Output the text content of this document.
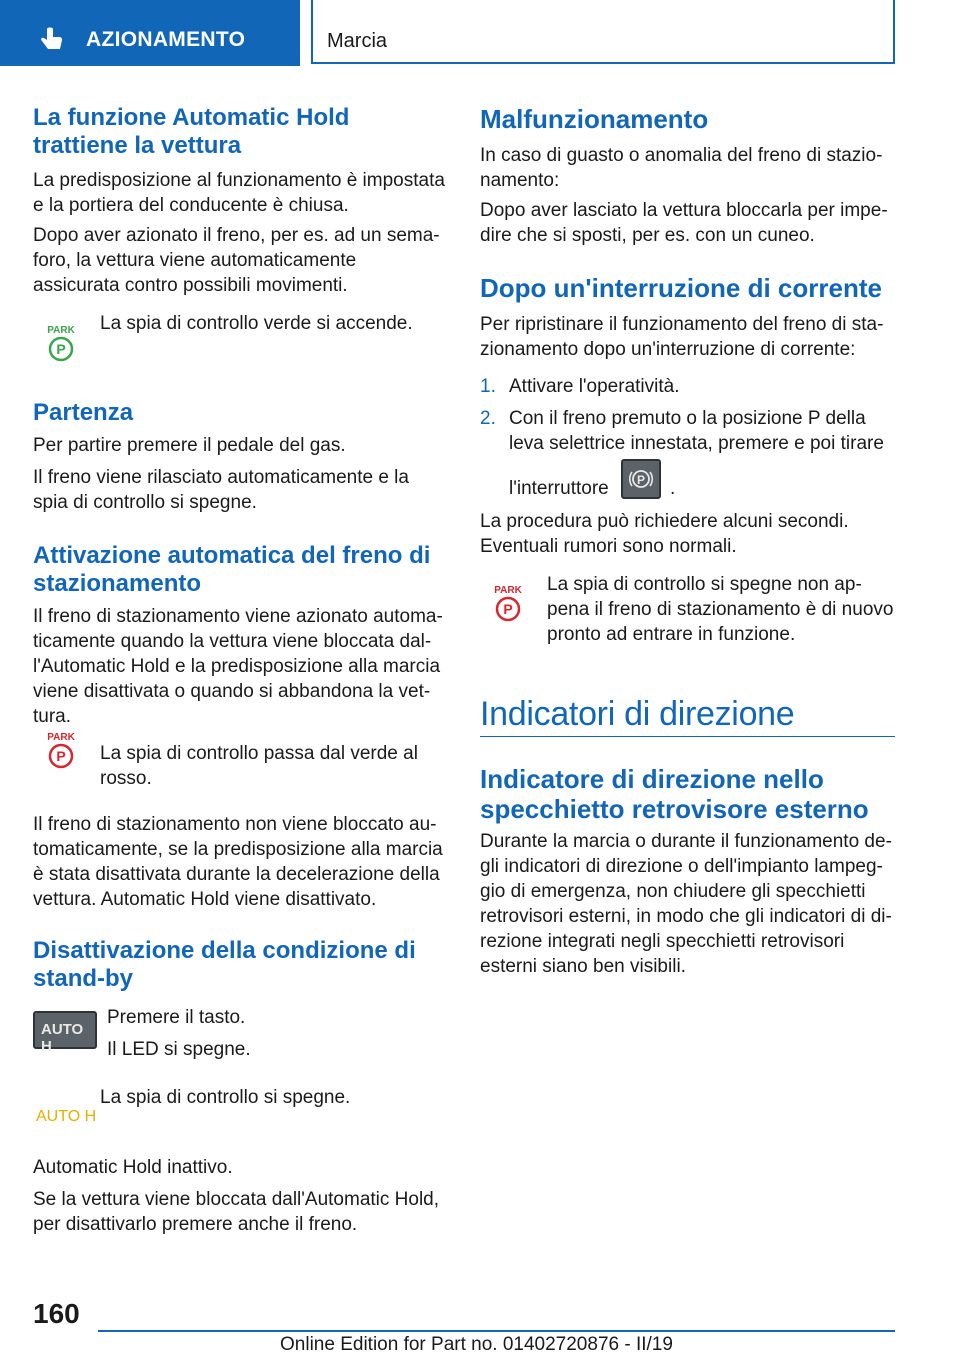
AZIONAMENTO	Marcia
La funzione Automatic Hold trattiene la vettura

La predisposizione al funzionamento è impostata e la portiera del conducente è chiusa.

Dopo aver azionato il freno, per es. ad un semaforo, la vettura viene automaticamente assicurata contro possibili movimenti.

PARK
P

La spia di controllo verde si accende.

Partenza

Per partire premere il pedale del gas.

Il freno viene rilasciato automaticamente e la spia di controllo si spegne.

Attivazione automatica del freno di stazionamento

Il freno di stazionamento viene azionato automaticamente quando la vettura viene bloccata dall'Automatic Hold e la predisposizione alla marcia viene disattivata o quando si abbandona la vettura.

PARK
P La spia di controllo passa dal verde al rosso.

Il freno di stazionamento non viene bloccato automaticamente, se la predisposizione alla marcia è stata disattivata durante la decelerazione della vettura. Automatic Hold viene disattivato.

Disattivazione della condizione di stand-by
AUTO H

Premere il tasto.

Il LED si spegne.

AUTO H

La spia di controllo si spegne.

Automatic Hold inattivo.

Se la vettura viene bloccata dall'Automatic Hold, per disattivarlo premere anche il freno.

Malfunzionamento

In caso di guasto o anomalia del freno di stazionamento:

Dopo aver lasciato la vettura bloccarla per impedire che si sposti, per es. con un cuneo.

Dopo un'interruzione di corrente

Per ripristinare il funzionamento del freno di stazionamento dopo un'interruzione di corrente:

1. Attivare l'operatività.

2. Con il freno premuto o la posizione P della leva selettrice innestata, premere e poi tirare

l'interruttore P .

La procedura può richiedere alcuni secondi. Eventuali rumori sono normali.

PARK
P

La spia di controllo si spegne non appena il freno di stazionamento è di nuovo pronto ad entrare in funzione.

Indicatori di direzione
Indicatore di direzione nello specchietto retrovisore esterno

Durante la marcia o durante il funzionamento degli indicatori di direzione o dell'impianto lampeggio di emergenza, non chiudere gli specchietti retrovisori esterni, in modo che gli indicatori di direzione integrati negli specchietti retrovisori esterni siano ben visibili.

160
Online Edition for Part no. 01402720876 - II/19
